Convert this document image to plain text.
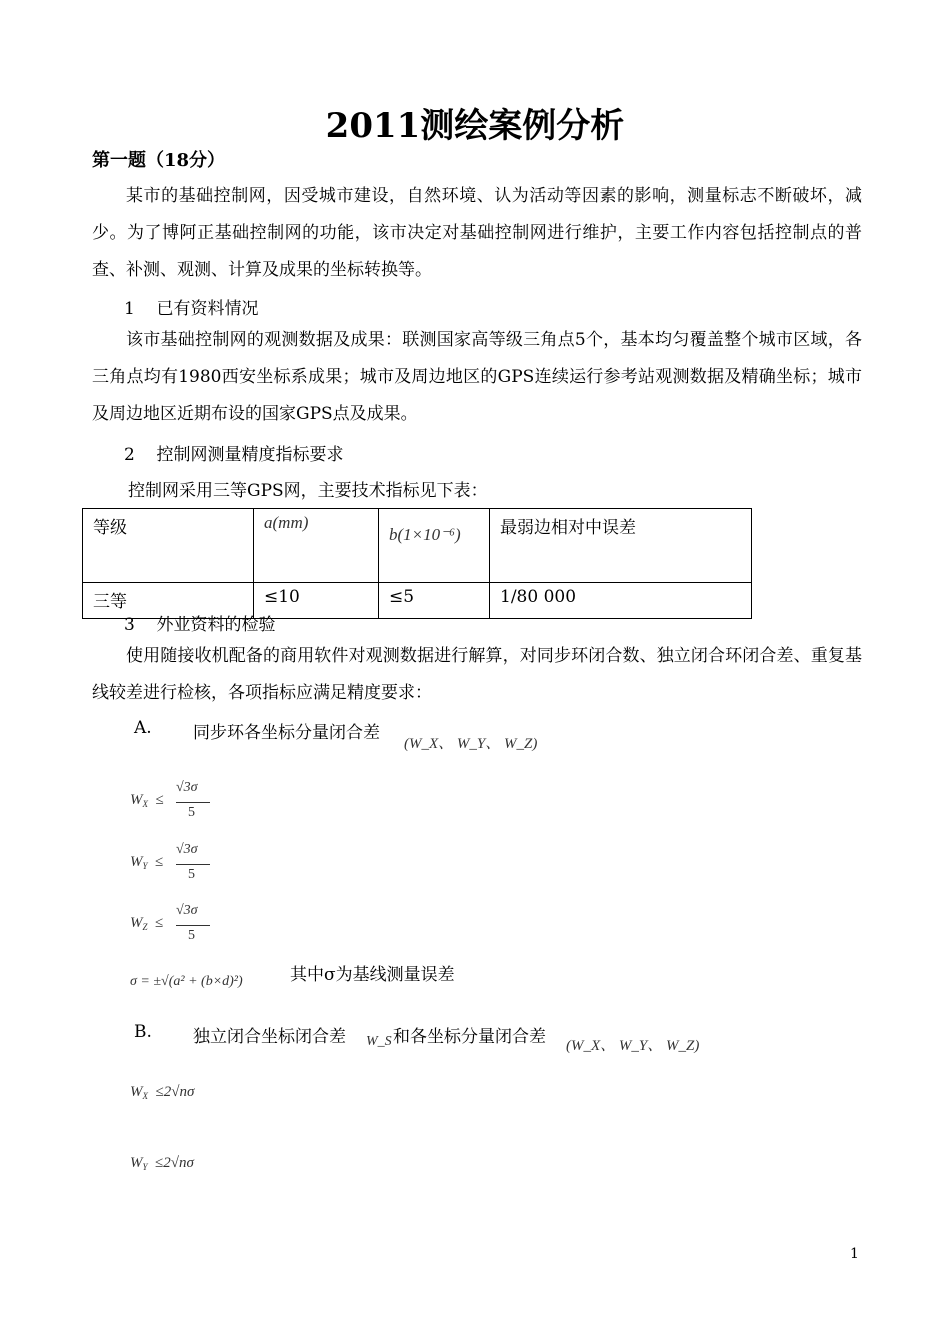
2011测绘案例分析
第一题（18分）
某市的基础控制网，因受城市建设，自然环境、认为活动等因素的影响，测量标志不断破坏，减少。为了博阿正基础控制网的功能，该市决定对基础控制网进行维护，主要工作内容包括控制点的普查、补测、观测、计算及成果的坐标转换等。
1 已有资料情况
该市基础控制网的观测数据及成果：联测国家高等级三角点5个，基本均匀覆盖整个城市区域，各三角点均有1980西安坐标系成果；城市及周边地区的GPS连续运行参考站观测数据及精确坐标；城市及周边地区近期布设的国家GPS点及成果。
2 控制网测量精度指标要求
控制网采用三等GPS网，主要技术指标见下表：
等级	a(mm)	b(1×10⁻⁶)	最弱边相对中误差
三等	≤10	≤5	1/80 000
3 外业资料的检验
使用随接收机配备的商用软件对观测数据进行解算，对同步环闭合数、独立闭合环闭合差、重复基线较差进行检核，各项指标应满足精度要求：
A. 同步环各坐标分量闭合差
(W_X、 W_Y、 W_Z)
$W_X$  ≤
√3σ
5
$W_Y$  ≤
√3σ
5
$W_Z$  ≤
√3σ
5
σ = ±√(a² + (b×d)²)	其中σ为基线测量误差
B. 独立闭合坐标闭合差 W_S 和各坐标分量闭合差 (W_X、 W_Y、 W_Z)
$W_X \le 2√n\sigma$
$W_Y \le 2√n\sigma$
1
